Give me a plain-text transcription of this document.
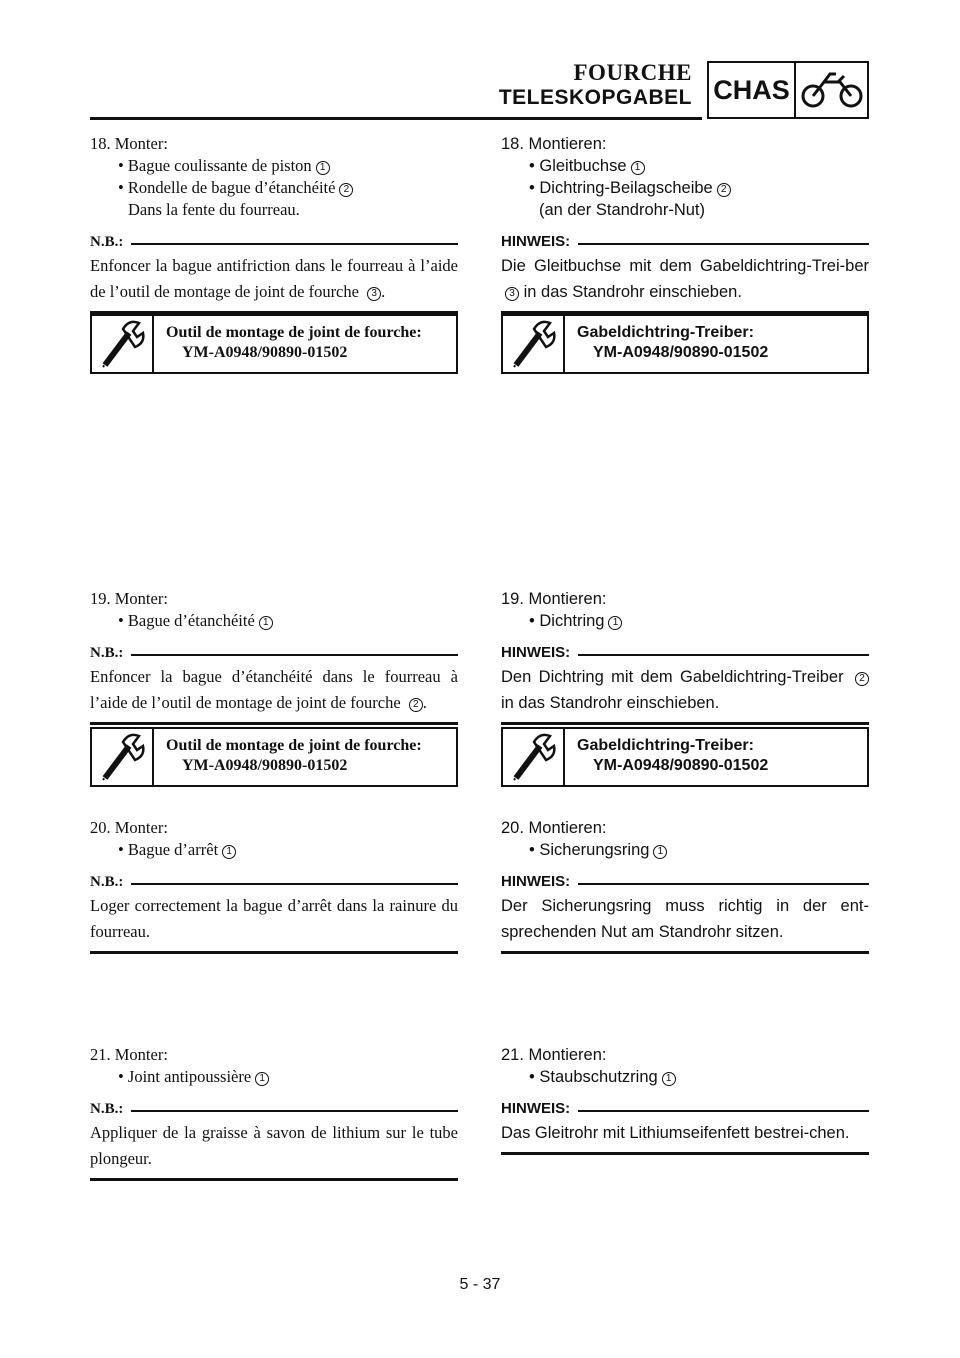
FOURCHE
TELESKOPGABEL CHAS
18. Monter:
• Bague coulissante de piston 1
• Rondelle de bague d’étanchéité 2
Dans la fente du fourreau.
N.B.:
Enfoncer la bague antifriction dans le fourreau à l’aide de l’outil de montage de joint de fourche 3 .
Outil de montage de joint de fourche:
YM-A0948/90890-01502
19. Monter:
• Bague d’étanchéité 1
N.B.:
Enfoncer la bague d’étanchéité dans le fourreau à l’aide de l’outil de montage de joint de fourche 2 .
Outil de montage de joint de fourche:
YM-A0948/90890-01502
20. Monter:
• Bague d’arrêt 1
N.B.:
Loger correctement la bague d’arrêt dans la rainure du fourreau.
21. Monter:
• Joint antipoussière 1
N.B.:
Appliquer de la graisse à savon de lithium sur le tube plongeur.
18. Montieren:
• Gleitbuchse 1
• Dichtring-Beilagscheibe 2
(an der Standrohr-Nut)
HINWEIS:
Die Gleitbuchse mit dem Gabeldichtring-Trei-ber 3 in das Standrohr einschieben.
Gabeldichtring-Treiber:
YM-A0948/90890-01502
19. Montieren:
• Dichtring 1
HINWEIS:
Den Dichtring mit dem Gabeldichtring-Treiber 2 in das Standrohr einschieben.
Gabeldichtring-Treiber:
YM-A0948/90890-01502
20. Montieren:
• Sicherungsring 1
HINWEIS:
Der Sicherungsring muss richtig in der ent-sprechenden Nut am Standrohr sitzen.
21. Montieren:
• Staubschutzring 1
HINWEIS:
Das Gleitrohr mit Lithiumseifenfett bestrei-chen.
5 - 37
